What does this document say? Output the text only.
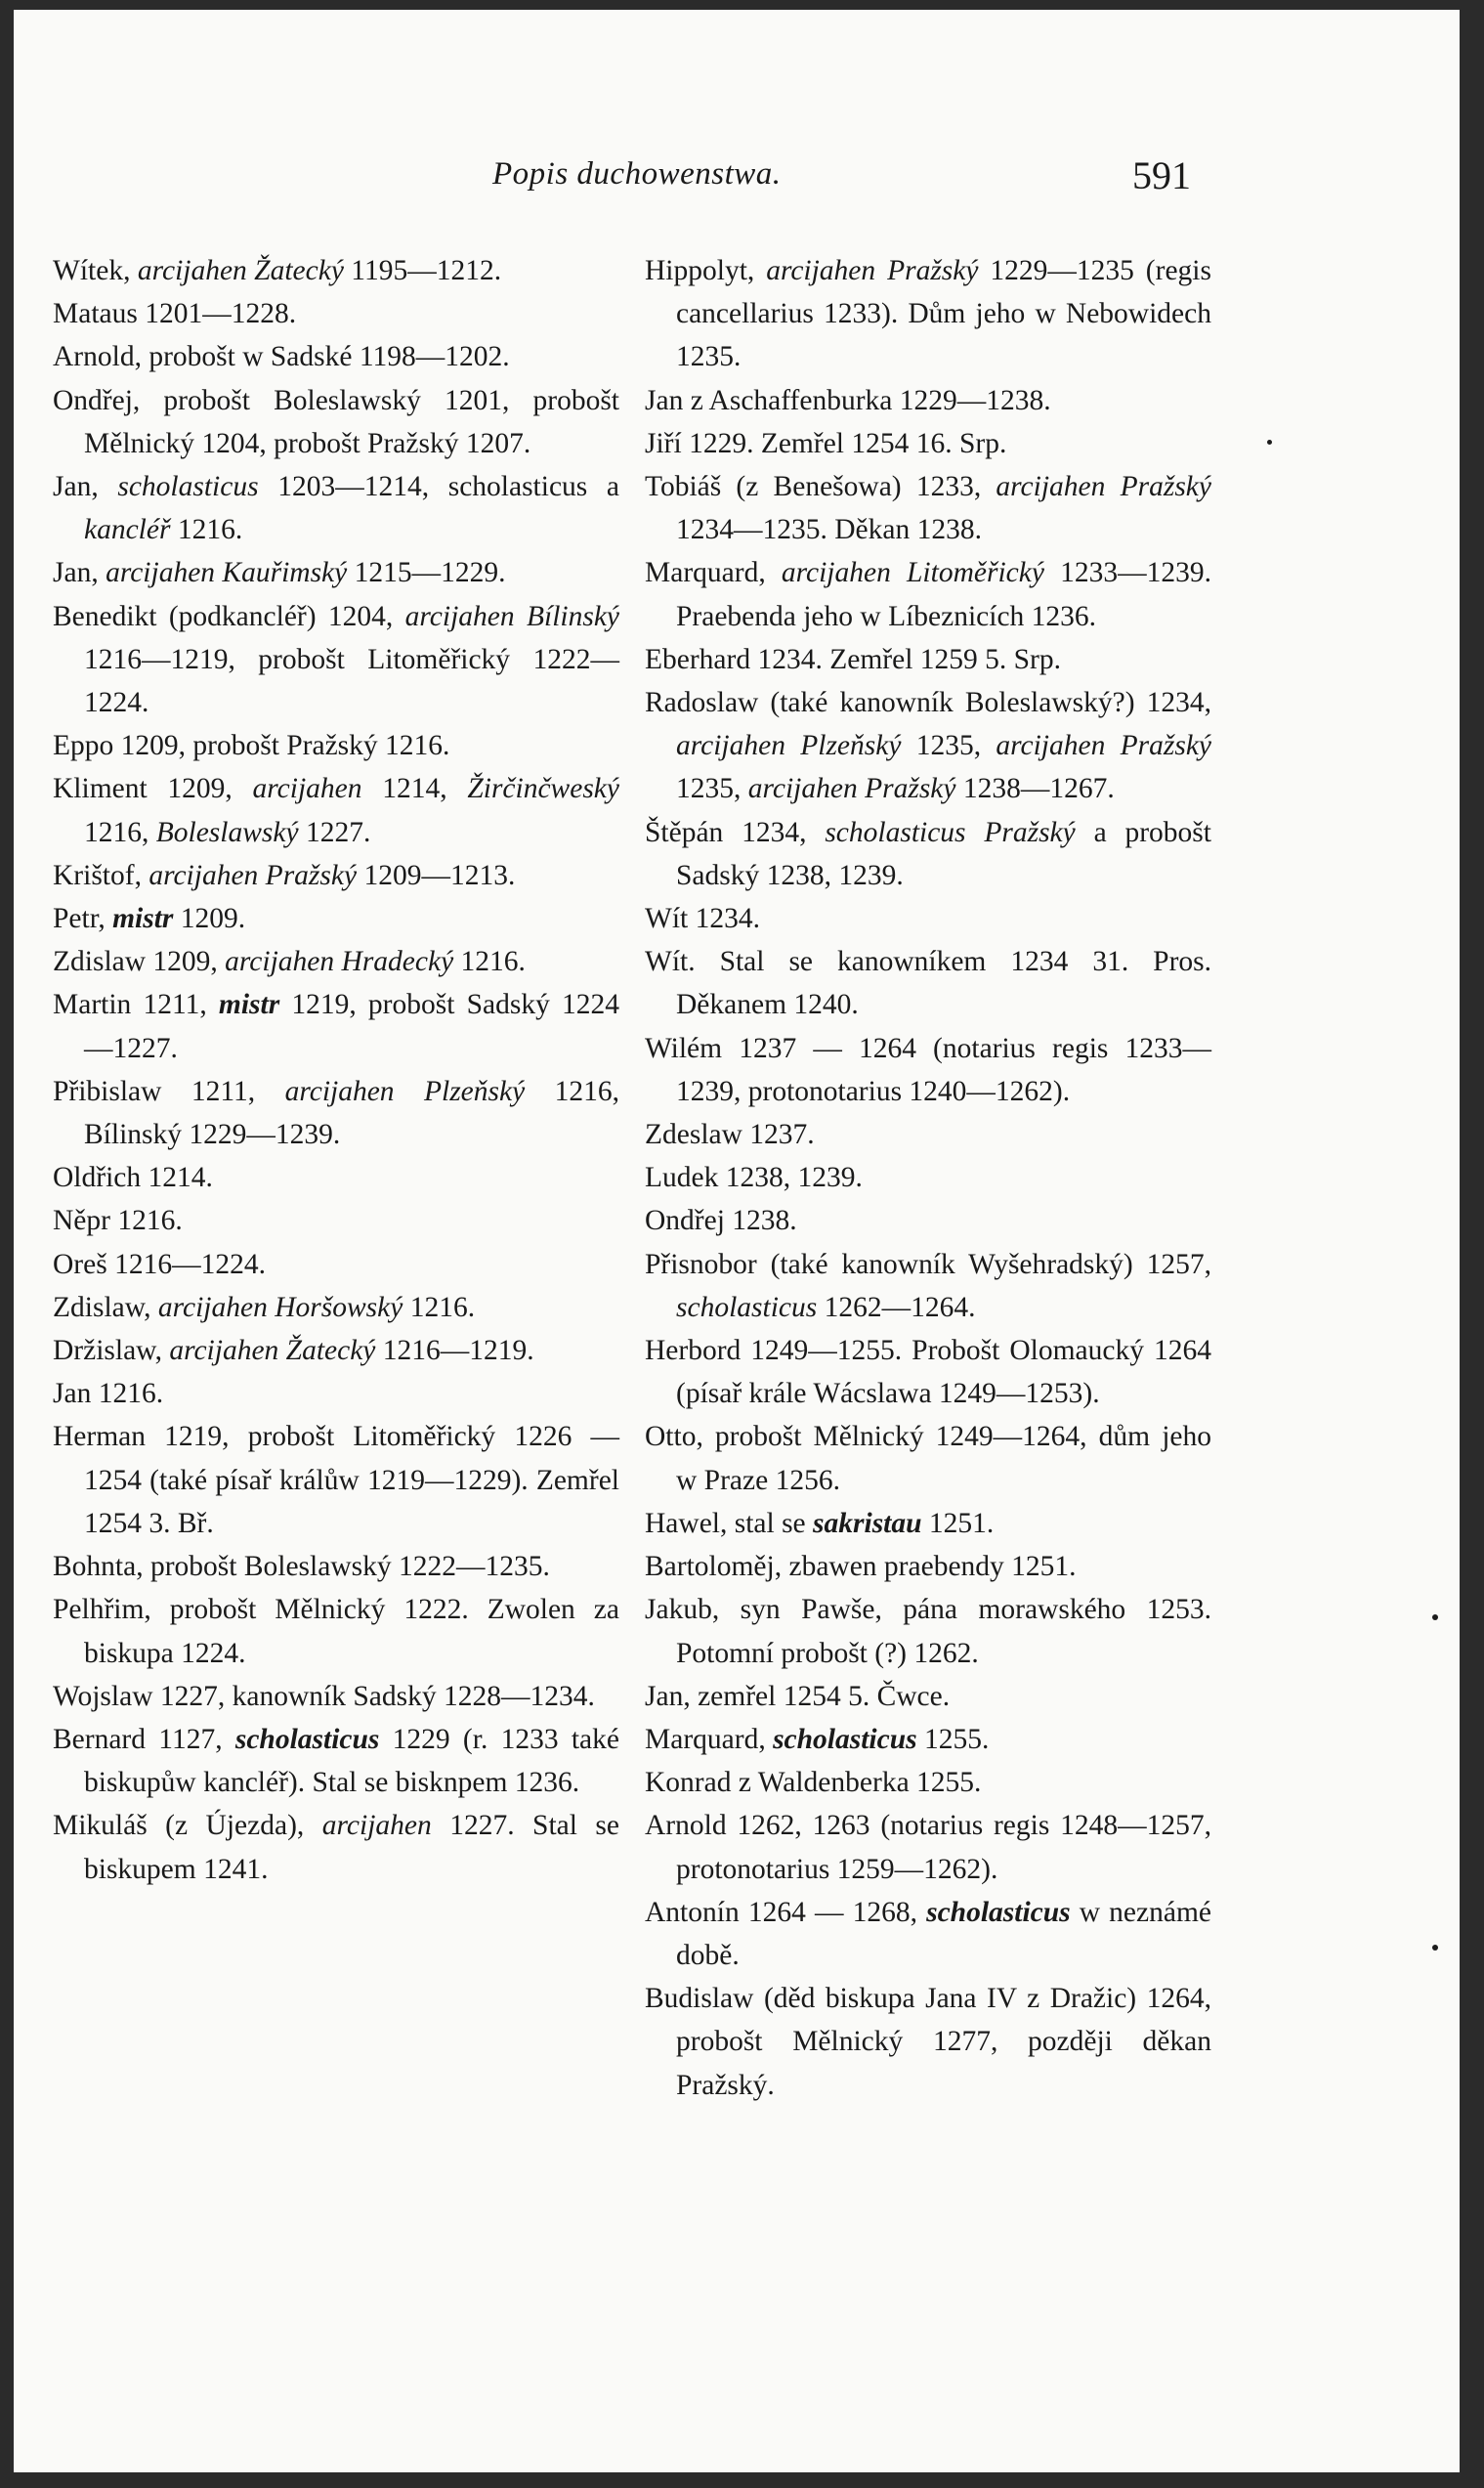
Popis duchowenstwa.	591

Wítek, arcijahen Žatecký 1195—1212.

Mataus 1201—1228.

Arnold, probošt w Sadské 1198—1202.

Ondřej, probošt Boleslawský 1201, probošt Mělnický 1204, probošt Pražský 1207.

Jan, scholasticus 1203—1214, scholasticus a kancléř 1216.

Jan, arcijahen Kauřimský 1215—1229.

Benedikt (podkancléř) 1204, arcijahen Bílinský 1216—1219, probošt Litoměřický 1222—1224.

Eppo 1209, probošt Pražský 1216.

Kliment 1209, arcijahen 1214, Žirčinčweský 1216, Boleslawský 1227.

Krištof, arcijahen Pražský 1209—1213.

Petr, mistr 1209.

Zdislaw 1209, arcijahen Hradecký 1216.

Martin 1211, mistr 1219, probošt Sadský 1224—1227.

Přibislaw 1211, arcijahen Plzeňský 1216, Bílinský 1229—1239.

Oldřich 1214.

Něpr 1216.

Oreš 1216—1224.

Zdislaw, arcijahen Horšowský 1216.

Držislaw, arcijahen Žatecký 1216—1219.

Jan 1216.

Herman 1219, probošt Litoměřický 1226 — 1254 (také písař králůw 1219—1229). Zemřel 1254 3. Bř.

Bohnta, probošt Boleslawský 1222—1235.

Pelhřim, probošt Mělnický 1222. Zwolen za biskupa 1224.

Wojslaw 1227, kanowník Sadský 1228—1234.

Bernard 1127, scholasticus 1229 (r. 1233 také biskupůw kancléř). Stal se bisknpem 1236.

Mikuláš (z Újezda), arcijahen 1227. Stal se biskupem 1241.

Hippolyt, arcijahen Pražský 1229—1235 (regis cancellarius 1233). Dům jeho w Nebowidech 1235.

Jan z Aschaffenburka 1229—1238.

Jiří 1229. Zemřel 1254 16. Srp.

Tobiáš (z Benešowa) 1233, arcijahen Pražský 1234—1235. Děkan 1238.

Marquard, arcijahen Litoměřický 1233—1239. Praebenda jeho w Líbeznicích 1236.

Eberhard 1234. Zemřel 1259 5. Srp.

Radoslaw (také kanowník Boleslawský?) 1234, arcijahen Plzeňský 1235, arcijahen Pražský 1235, arcijahen Pražský 1238—1267.

Štěpán 1234, scholasticus Pražský a probošt Sadský 1238, 1239.

Wít 1234.

Wít. Stal se kanowníkem 1234 31. Pros. Děkanem 1240.

Wilém 1237 — 1264 (notarius regis 1233—1239, protonotarius 1240—1262).

Zdeslaw 1237.

Ludek 1238, 1239.

Ondřej 1238.

Přisnobor (také kanowník Wyšehradský) 1257, scholasticus 1262—1264.

Herbord 1249—1255. Probošt Olomaucký 1264 (písař krále Wácslawa 1249—1253).

Otto, probošt Mělnický 1249—1264, dům jeho w Praze 1256.

Hawel, stal se sakristau 1251.

Bartoloměj, zbawen praebendy 1251.

Jakub, syn Pawše, pána morawského 1253. Potomní probošt (?) 1262.

Jan, zemřel 1254 5. Čwce.

Marquard, scholasticus 1255.

Konrad z Waldenberka 1255.

Arnold 1262, 1263 (notarius regis 1248—1257, protonotarius 1259—1262).

Antonín 1264 — 1268, scholasticus w neznámé době.

Budislaw (děd biskupa Jana IV z Dražic) 1264, probošt Mělnický 1277, později děkan Pražský.
